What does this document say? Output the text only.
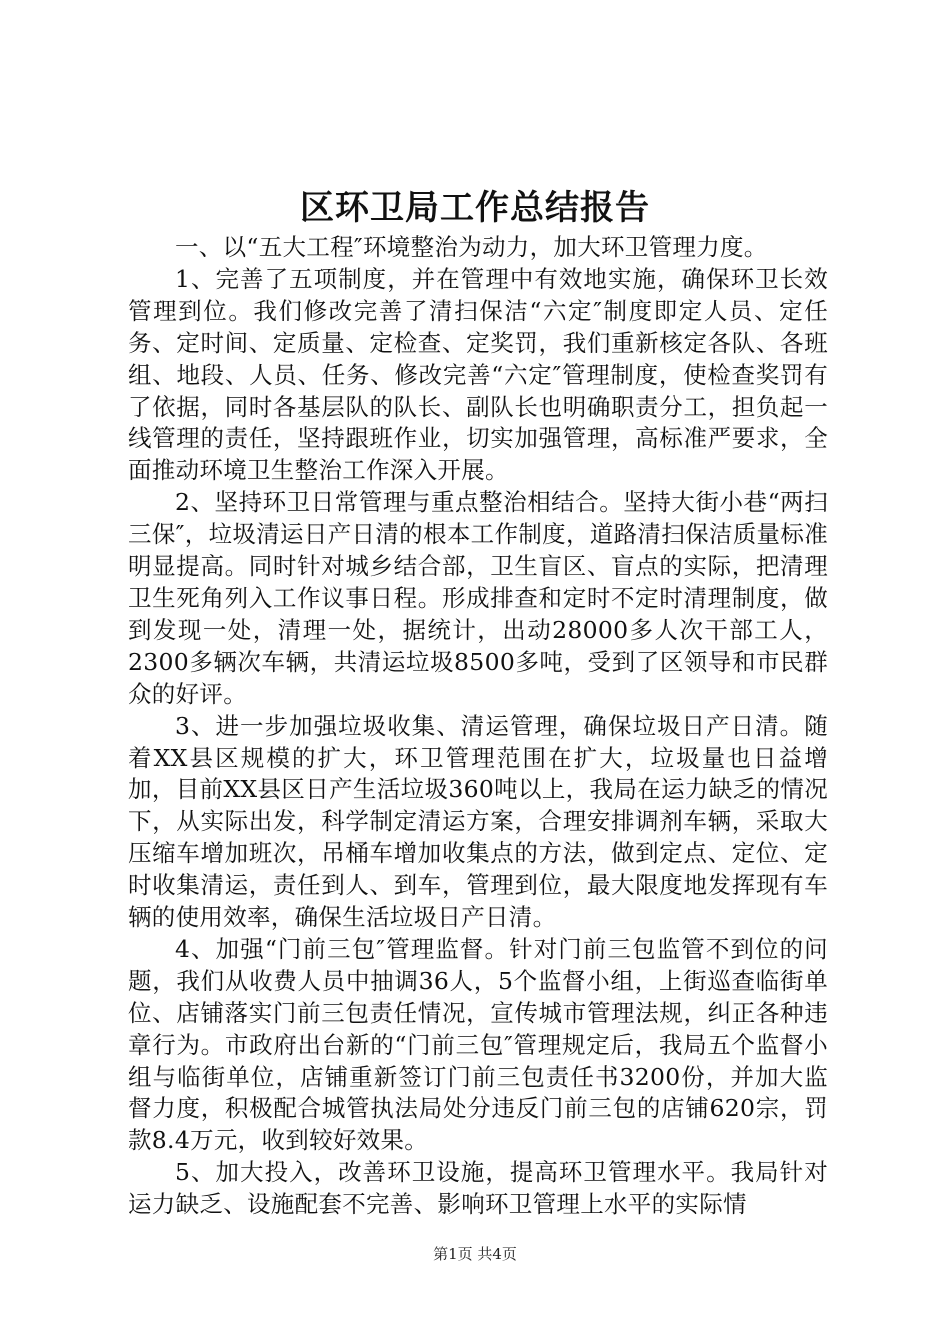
区环卫局工作总结报告

一、以“五大工程″环境整治为动力，加大环卫管理力度。

1、完善了五项制度，并在管理中有效地实施，确保环卫长效管理到位。我们修改完善了清扫保洁“六定″制度即定人员、定任务、定时间、定质量、定检查、定奖罚，我们重新核定各队、各班组、地段、人员、任务、修改完善“六定″管理制度，使检查奖罚有了依据，同时各基层队的队长、副队长也明确职责分工，担负起一线管理的责任，坚持跟班作业，切实加强管理，高标准严要求，全面推动环境卫生整治工作深入开展。

2、坚持环卫日常管理与重点整治相结合。坚持大街小巷“两扫三保″，垃圾清运日产日清的根本工作制度，道路清扫保洁质量标准明显提高。同时针对城乡结合部，卫生盲区、盲点的实际，把清理卫生死角列入工作议事日程。形成排查和定时不定时清理制度，做到发现一处，清理一处，据统计，出动28000多人次干部工人，2300多辆次车辆，共清运垃圾8500多吨，受到了区领导和市民群众的好评。

3、进一步加强垃圾收集、清运管理，确保垃圾日产日清。随着XX县区规模的扩大，环卫管理范围在扩大，垃圾量也日益增加，目前XX县区日产生活垃圾360吨以上，我局在运力缺乏的情况下，从实际出发，科学制定清运方案，合理安排调剂车辆，采取大压缩车增加班次，吊桶车增加收集点的方法，做到定点、定位、定时收集清运，责任到人、到车，管理到位，最大限度地发挥现有车辆的使用效率，确保生活垃圾日产日清。

4、加强“门前三包″管理监督。针对门前三包监管不到位的问题，我们从收费人员中抽调36人，5个监督小组，上街巡查临街单位、店铺落实门前三包责任情况，宣传城市管理法规，纠正各种违章行为。市政府出台新的“门前三包″管理规定后，我局五个监督小组与临街单位，店铺重新签订门前三包责任书3200份，并加大监督力度，积极配合城管执法局处分违反门前三包的店铺620宗，罚款8.4万元，收到较好效果。

5、加大投入，改善环卫设施，提高环卫管理水平。我局针对运力缺乏、设施配套不完善、影响环卫管理上水平的实际情

第1页 共4页
